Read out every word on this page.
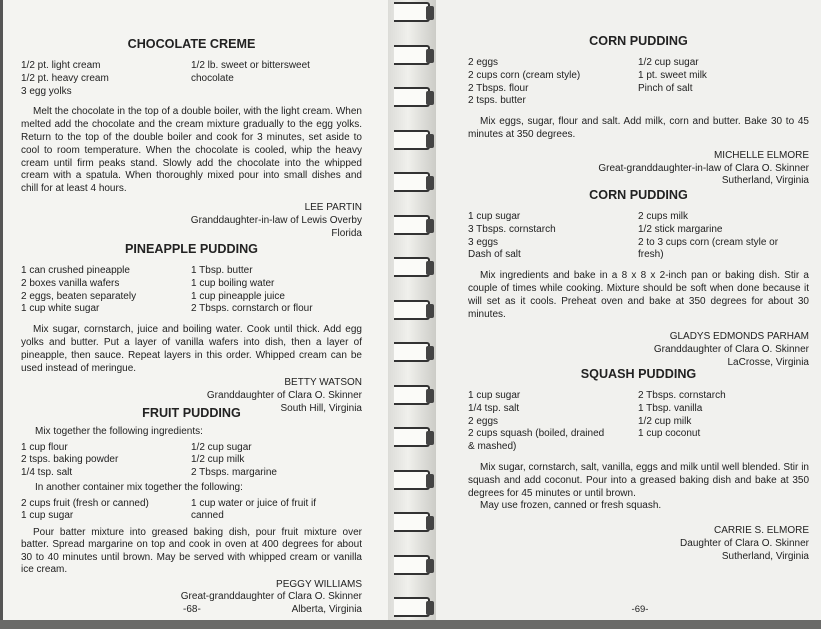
CHOCOLATE CREME
1/2 pt. light cream
1/2 pt. heavy cream
3 egg yolks
1/2 lb. sweet or bittersweet
chocolate
Melt the chocolate in the top of a double boiler, with the light cream. When melted add the chocolate and the cream mixture gradually to the egg yolks. Return to the top of the double boiler and cook for 3 minutes, set aside to cool to room temperature. When the chocolate is cooled, whip the heavy cream until firm peaks stand. Slowly add the chocolate into the whipped cream with a spatula. When thoroughly mixed pour into small dishes and chill for at least 4 hours.
LEE PARTIN
Granddaughter-in-law of Lewis Overby
Florida
PINEAPPLE PUDDING
1 can crushed pineapple
2 boxes vanilla wafers
2 eggs, beaten separately
1 cup white sugar
1 Tbsp. butter
1 cup boiling water
1 cup pineapple juice
2 Tbsps. cornstarch or flour
Mix sugar, cornstarch, juice and boiling water. Cook until thick. Add egg yolks and butter. Put a layer of vanilla wafers into dish, then a layer of pineapple, then sauce. Repeat layers in this order. Whipped cream can be used instead of meringue.
BETTY WATSON
Granddaughter of Clara O. Skinner
South Hill, Virginia
FRUIT PUDDING
Mix together the following ingredients:
1 cup flour
2 tsps. baking powder
1/4 tsp. salt
1/2 cup sugar
1/2 cup milk
2 Tbsps. margarine
In another container mix together the following:
2 cups fruit (fresh or canned)
1 cup sugar
1 cup water or juice of fruit if
canned
Pour batter mixture into greased baking dish, pour fruit mixture over batter. Spread margarine on top and cook in oven at 400 degrees for about 30 to 40 minutes until brown. May be served with whipped cream or vanilla ice cream.
PEGGY WILLIAMS
Great-granddaughter of Clara O. Skinner
-68-	Alberta, Virginia
CORN PUDDING
2 eggs
2 cups corn (cream style)
2 Tbsps. flour
2 tsps. butter
1/2 cup sugar
1 pt. sweet milk
Pinch of salt
Mix eggs, sugar, flour and salt. Add milk, corn and butter. Bake 30 to 45 minutes at 350 degrees.
MICHELLE ELMORE
Great-granddaughter-in-law of Clara O. Skinner
Sutherland, Virginia
CORN PUDDING
1 cup sugar
3 Tbsps. cornstarch
3 eggs
Dash of salt
2 cups milk
1/2 stick margarine
2 to 3 cups corn (cream style or
fresh)
Mix ingredients and bake in a 8 x 8 x 2-inch pan or baking dish. Stir a couple of times while cooking. Mixture should be soft when done because it will set as it cools. Preheat oven and bake at 350 degrees for about 30 minutes.
GLADYS EDMONDS PARHAM
Granddaughter of Clara O. Skinner
LaCrosse, Virginia
SQUASH PUDDING
1 cup sugar
1/4 tsp. salt
2 eggs
2 cups squash (boiled, drained
& mashed)
2 Tbsps. cornstarch
1 Tbsp. vanilla
1/2 cup milk
1 cup coconut
Mix sugar, cornstarch, salt, vanilla, eggs and milk until well blended. Stir in squash and add coconut. Pour into a greased baking dish and bake at 350 degrees for 45 minutes or until brown.
May use frozen, canned or fresh squash.
CARRIE S. ELMORE
Daughter of Clara O. Skinner
Sutherland, Virginia
-69-
